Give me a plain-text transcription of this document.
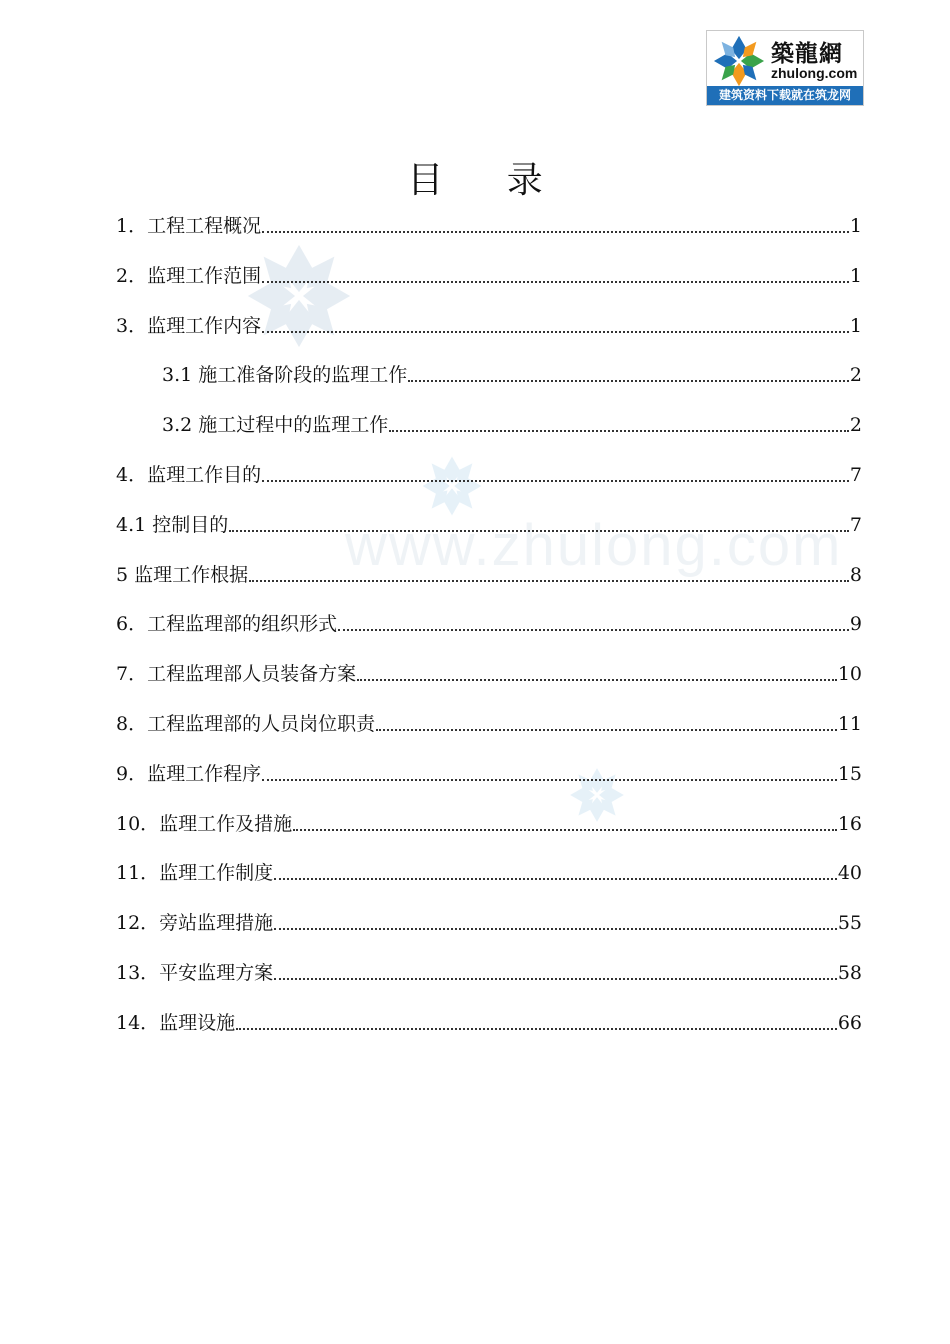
築龍網
zhulong.com
建筑资料下载就在筑龙网
www.zhulong.com
目 录
1．工程工程概况	1
2．监理工作范围	1
3．监理工作内容	1
3.1 施工准备阶段的监理工作	2
3.2 施工过程中的监理工作	2
4．监理工作目的	7
4.1 控制目的	7
5 监理工作根据	8
6．工程监理部的组织形式	9
7．工程监理部人员装备方案	10
8．工程监理部的人员岗位职责	11
9．监理工作程序	15
10．监理工作及措施	16
11．监理工作制度	40
12．旁站监理措施	55
13．平安监理方案	58
14．监理设施	66
